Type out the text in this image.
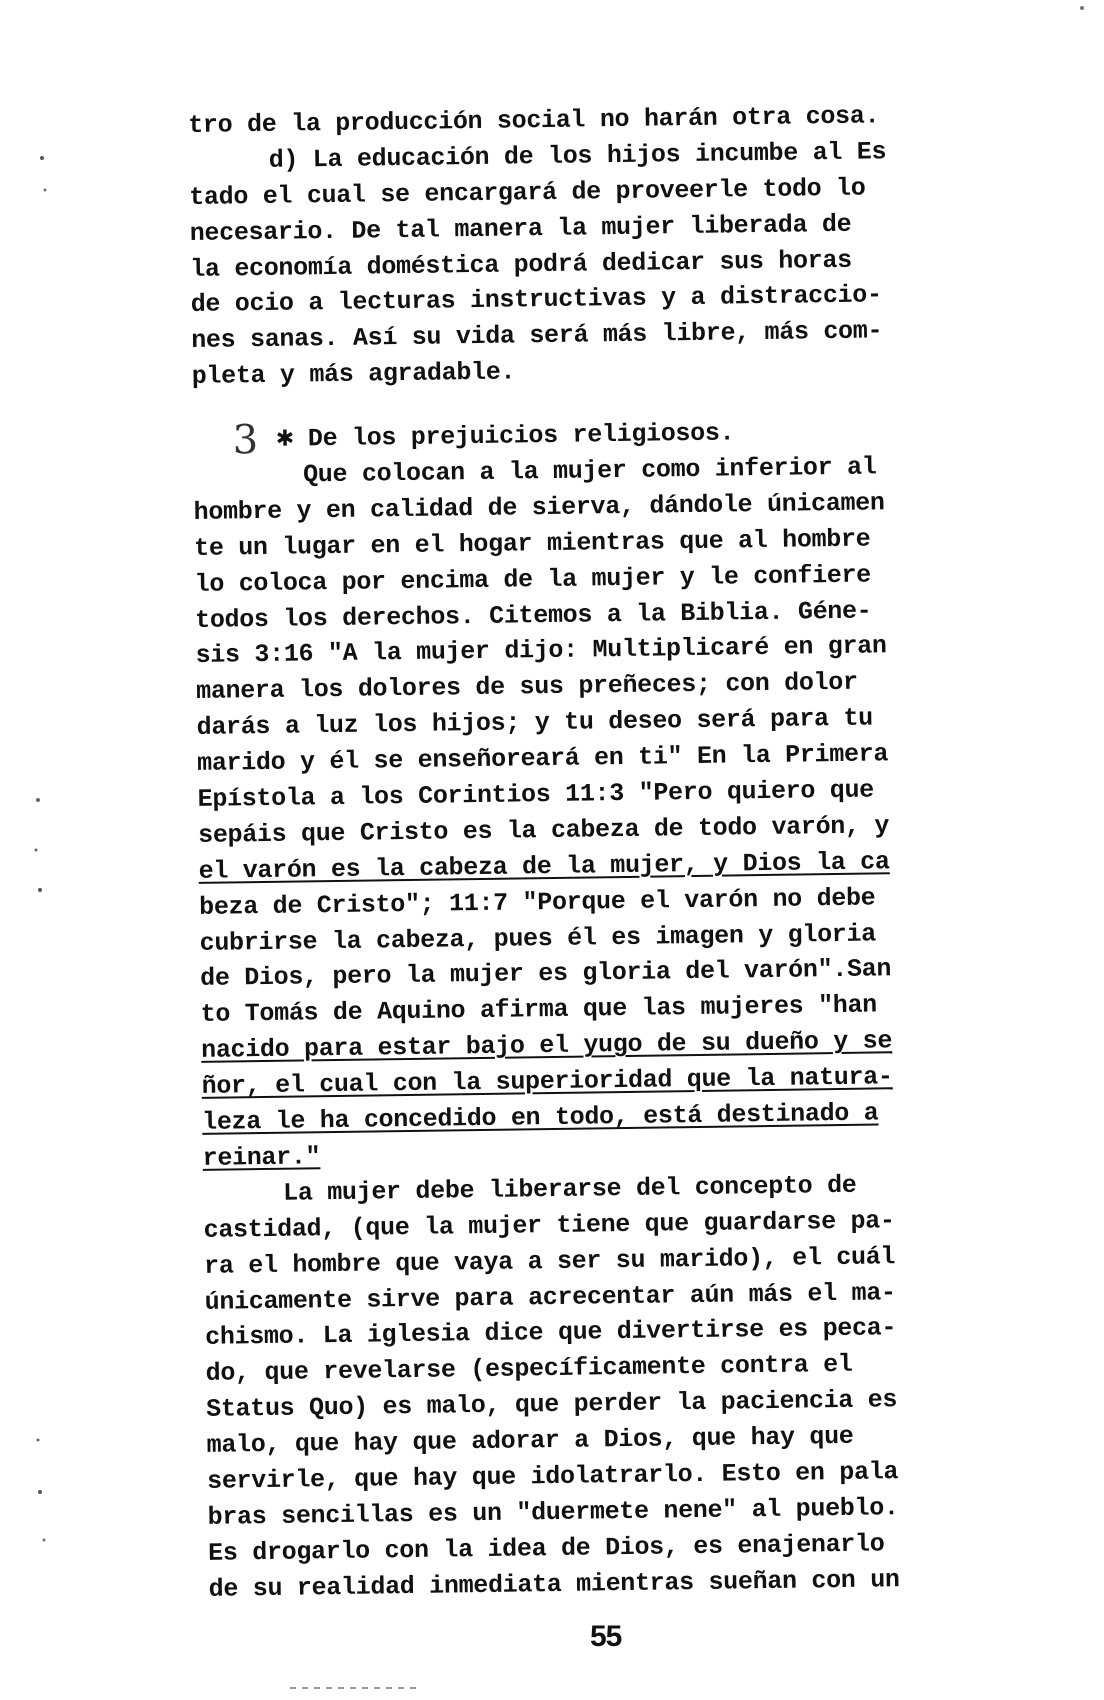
tro de la producción social no harán otra cosa.
d) La educación de los hijos incumbe al Es
tado el cual se encargará de proveerle todo lo
necesario. De tal manera la mujer liberada de
la economía doméstica podrá dedicar sus horas
de ocio a lecturas instructivas y a distraccio-
nes sanas. Así su vida será más libre, más com-
pleta y más agradable.
3 ✱ De los prejuicios religiosos.
Que colocan a la mujer como inferior al
hombre y en calidad de sierva, dándole únicamen
te un lugar en el hogar mientras que al hombre
lo coloca por encima de la mujer y le confiere
todos los derechos. Citemos a la Biblia. Géne-
sis 3:16 "A la mujer dijo: Multiplicaré en gran
manera los dolores de sus preñeces; con dolor
darás a luz los hijos; y tu deseo será para tu
marido y él se enseñoreará en ti" En la Primera
Epístola a los Corintios 11:3 "Pero quiero que
sepáis que Cristo es la cabeza de todo varón, y
el varón es la cabeza de la mujer, y Dios la ca
beza de Cristo"; 11:7 "Porque el varón no debe
cubrirse la cabeza, pues él es imagen y gloria
de Dios, pero la mujer es gloria del varón".San
to Tomás de Aquino afirma que las mujeres "han
nacido para estar bajo el yugo de su dueño y se
ñor, el cual con la superioridad que la natura-
leza le ha concedido en todo, está destinado a
reinar."
La mujer debe liberarse del concepto de
castidad, (que la mujer tiene que guardarse pa-
ra el hombre que vaya a ser su marido), el cuál
únicamente sirve para acrecentar aún más el ma-
chismo. La iglesia dice que divertirse es peca-
do, que revelarse (específicamente contra el
Status Quo) es malo, que perder la paciencia es
malo, que hay que adorar a Dios, que hay que
servirle, que hay que idolatrarlo. Esto en pala
bras sencillas es un "duermete nene" al pueblo.
Es drogarlo con la idea de Dios, es enajenarlo
de su realidad inmediata mientras sueñan con un
55
